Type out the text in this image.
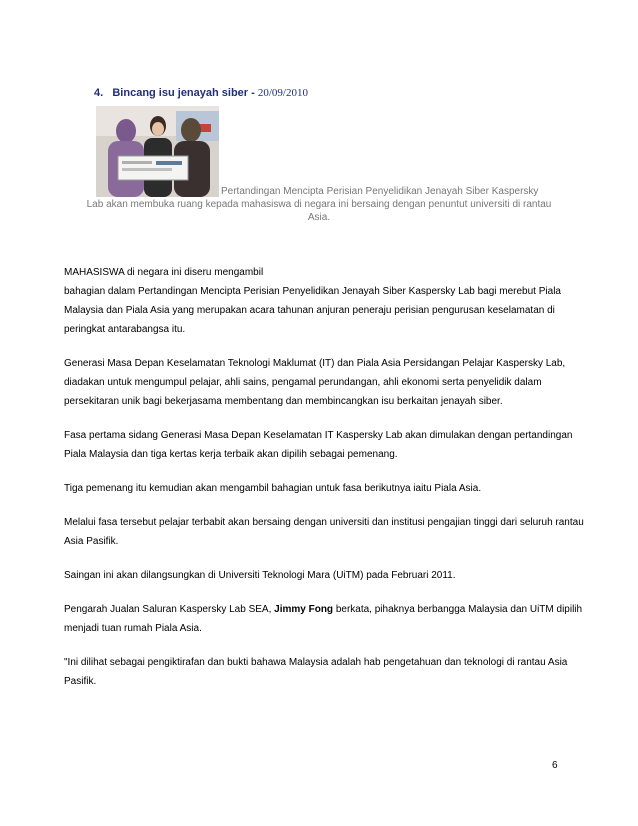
4. Bincang isu jenayah siber - 20/09/2010
Pertandingan Mencipta Perisian Penyelidikan Jenayah Siber Kaspersky
Lab akan membuka ruang kepada mahasiswa di negara ini bersaing dengan penuntut universiti di rantau
Asia.

MAHASISWA di negara ini diseru mengambil
bahagian dalam Pertandingan Mencipta Perisian Penyelidikan Jenayah Siber Kaspersky Lab bagi merebut Piala Malaysia dan Piala Asia yang merupakan acara tahunan anjuran peneraju perisian pengurusan keselamatan di peringkat antarabangsa itu.

Generasi Masa Depan Keselamatan Teknologi Maklumat (IT) dan Piala Asia Persidangan Pelajar Kaspersky Lab, diadakan untuk mengumpul pelajar, ahli sains, pengamal perundangan, ahli ekonomi serta penyelidik dalam persekitaran unik bagi bekerjasama membentang dan membincangkan isu berkaitan jenayah siber.

Fasa pertama sidang Generasi Masa Depan Keselamatan IT Kaspersky Lab akan dimulakan dengan pertandingan Piala Malaysia dan tiga kertas kerja terbaik akan dipilih sebagai pemenang.

Tiga pemenang itu kemudian akan mengambil bahagian untuk fasa berikutnya iaitu Piala Asia.

Melalui fasa tersebut pelajar terbabit akan bersaing dengan universiti dan institusi pengajian tinggi dari seluruh rantau Asia Pasifik.

Saingan ini akan dilangsungkan di Universiti Teknologi Mara (UiTM) pada Februari 2011.

Pengarah Jualan Saluran Kaspersky Lab SEA, Jimmy Fong berkata, pihaknya berbangga Malaysia dan UiTM dipilih menjadi tuan rumah Piala Asia.

"Ini dilihat sebagai pengiktirafan dan bukti bahawa Malaysia adalah hab pengetahuan dan teknologi di rantau Asia Pasifik.

6
